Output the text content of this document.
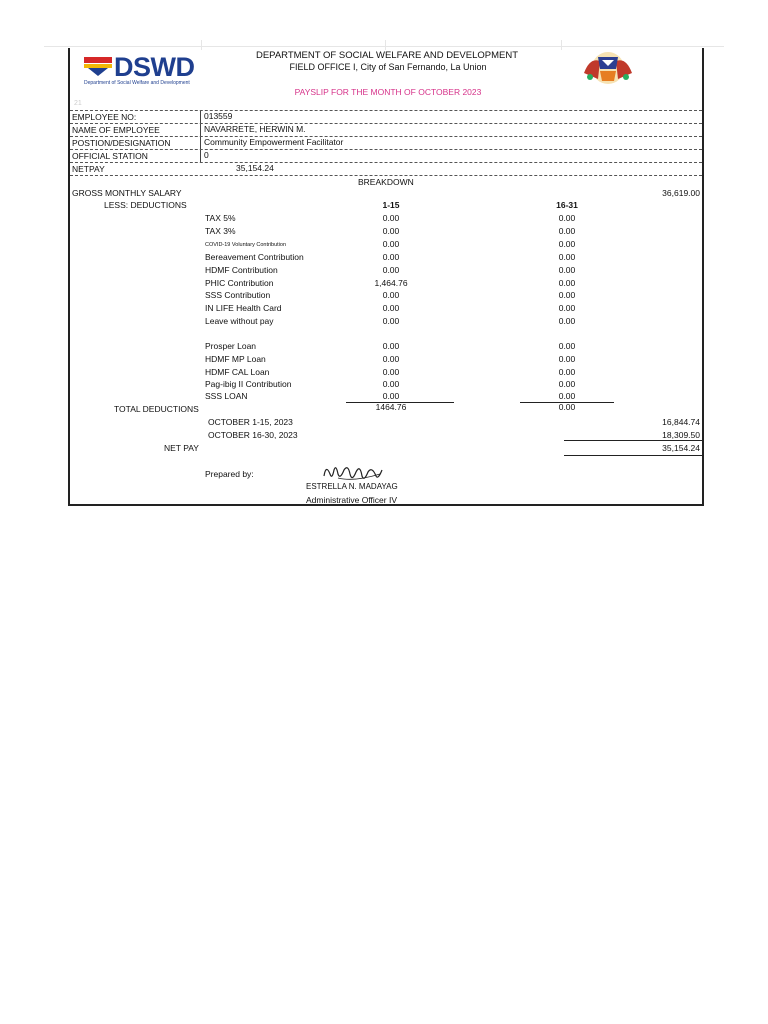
DSWD
Department of Social Welfare and Development
DEPARTMENT OF SOCIAL WELFARE AND DEVELOPMENT
FIELD OFFICE I, City of San Fernando, La Union
PAYSLIP FOR THE MONTH OF OCTOBER 2023
21
EMPLOYEE NO:	013559
NAME OF EMPLOYEE	NAVARRETE, HERWIN M.
POSTION/DESIGNATION	Community Empowerment Facilitator
OFFICIAL STATION	0
NETPAY	35,154.24
BREAKDOWN
GROSS MONTHLY SALARY	36,619.00
LESS: DEDUCTIONS	1-15	16-31
TAX 5%	0.00	0.00
TAX 3%	0.00	0.00
COVID-19 Voluntary Contribution	0.00	0.00
Bereavement Contribution	0.00	0.00
HDMF Contribution	0.00	0.00
PHIC Contribution	1,464.76	0.00
SSS Contribution	0.00	0.00
IN LIFE Health Card	0.00	0.00
Leave without pay	0.00	0.00
Prosper Loan	0.00	0.00
HDMF MP Loan	0.00	0.00
HDMF CAL Loan	0.00	0.00
Pag-ibig II Contribution	0.00	0.00
SSS LOAN	0.00	0.00
TOTAL DEDUCTIONS	1464.76	0.00
OCTOBER 1-15, 2023	16,844.74
OCTOBER 16-30, 2023	18,309.50
NET PAY	35,154.24
Prepared by:
ESTRELLA N. MADAYAG
Administrative Officer IV
